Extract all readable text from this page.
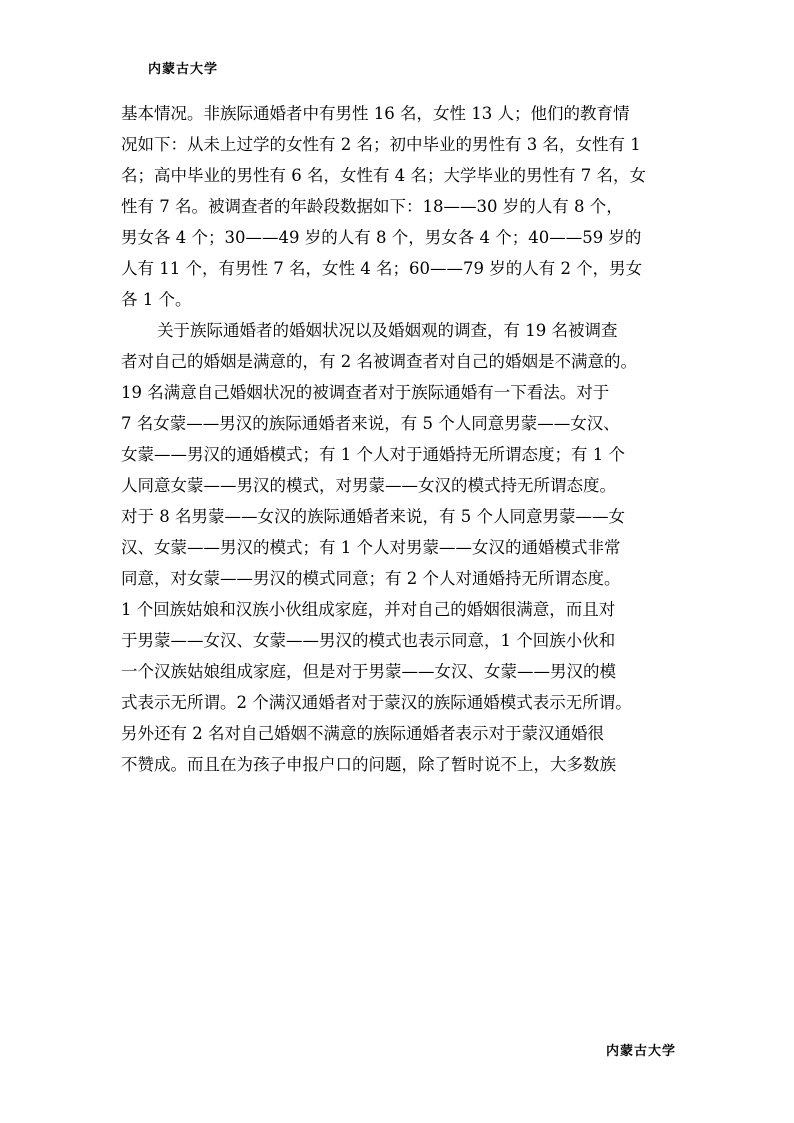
内蒙古大学

基本情况。非族际通婚者中有男性 16 名，女性 13 人；他们的教育情

况如下：从未上过学的女性有 2 名；初中毕业的男性有 3 名，女性有 1

名；高中毕业的男性有 6 名，女性有 4 名；大学毕业的男性有 7 名，女

性有 7 名。被调查者的年龄段数据如下：18——30 岁的人有 8 个，

男女各 4 个；30——49 岁的人有 8 个，男女各 4 个；40——59 岁的

人有 11 个，有男性 7 名，女性 4 名；60——79 岁的人有 2 个，男女

各 1 个。

关于族际通婚者的婚姻状况以及婚姻观的调查，有 19 名被调查

者对自己的婚姻是满意的，有 2 名被调查者对自己的婚姻是不满意的。

19 名满意自己婚姻状况的被调查者对于族际通婚有一下看法。对于

7 名女蒙——男汉的族际通婚者来说，有 5 个人同意男蒙——女汉、

女蒙——男汉的通婚模式；有 1 个人对于通婚持无所谓态度；有 1 个

人同意女蒙——男汉的模式，对男蒙——女汉的模式持无所谓态度。

对于 8 名男蒙——女汉的族际通婚者来说，有 5 个人同意男蒙——女

汉、女蒙——男汉的模式；有 1 个人对男蒙——女汉的通婚模式非常

同意，对女蒙——男汉的模式同意；有 2 个人对通婚持无所谓态度。

1 个回族姑娘和汉族小伙组成家庭，并对自己的婚姻很满意，而且对

于男蒙——女汉、女蒙——男汉的模式也表示同意，1 个回族小伙和

一个汉族姑娘组成家庭，但是对于男蒙——女汉、女蒙——男汉的模

式表示无所谓。2 个满汉通婚者对于蒙汉的族际通婚模式表示无所谓。

另外还有 2 名对自己婚姻不满意的族际通婚者表示对于蒙汉通婚很

不赞成。而且在为孩子申报户口的问题，除了暂时说不上，大多数族

内蒙古大学
